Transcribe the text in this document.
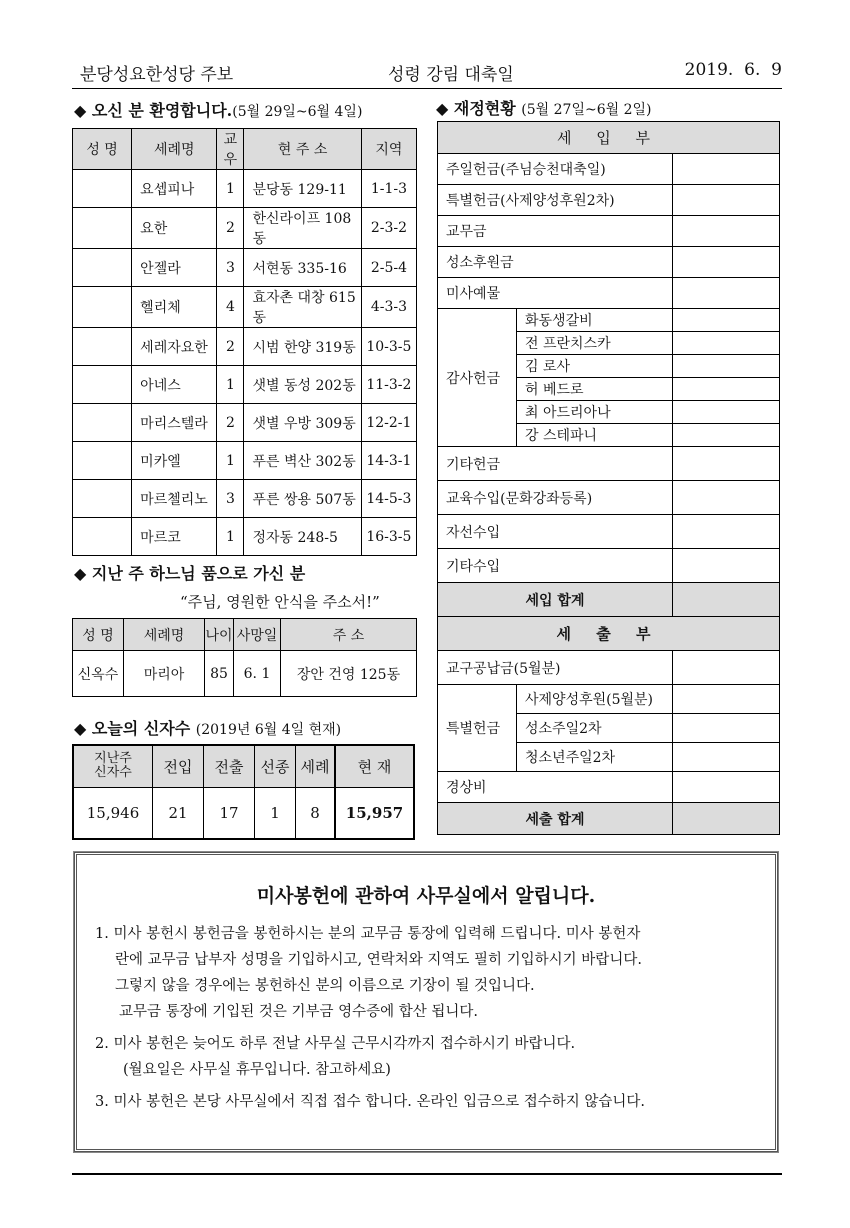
분당성요한성당 주보	성령 강림 대축일	2019.  6.  9
◆ 오신 분 환영합니다.(5월 29일~6월 4일)
성 명	세례명	교우	현 주 소	지역
	요셉피나	1	분당동 129-11	1-1-3
	요한	2	한신라이프 108동	2-3-2
	안젤라	3	서현동 335-16	2-5-4
	헬리체	4	효자촌 대창 615동	4-3-3
	세레자요한	2	시범 한양 319동	10-3-5
	아네스	1	샛별 동성 202동	11-3-2
	마리스텔라	2	샛별 우방 309동	12-2-1
	미카엘	1	푸른 벽산 302동	14-3-1
	마르첼리노	3	푸른 쌍용 507동	14-5-3
	마르코	1	정자동 248-5	16-3-5
◆ 지난 주 하느님 품으로 가신 분
“주님, 영원한 안식을 주소서!”
성 명	세례명	나이	사망일	주 소
신옥수	마리아	85	6. 1	장안 건영 125동
◆ 오늘의 신자수 (2019년 6월 4일 현재)
지난주
신자수	전입	전출	선종	세례	현 재
15,946	21	17	1	8	15,957
◆ 재정현황 (5월 27일~6월 2일)
세 입 부		
주일헌금(주님승천대축일)		
특별헌금(사제양성후원2차)		
교무금		
성소후원금		
미사예물		
감사헌금	화동생갈비	
	전 프란치스카	
	김 로사	
	허 베드로	
	최 아드리아나	
	강 스테파니	
기타헌금		
교육수입(문화강좌등록)		
자선수입		
기타수입		
세입 합계		
세 출 부		
교구공납금(5월분)		
특별헌금	사제양성후원(5월분)	
	성소주일2차	
	청소년주일2차	
경상비		
세출 합계		
미사봉헌에 관하여 사무실에서 알립니다.
1. 미사 봉헌시 봉헌금을 봉헌하시는 분의 교무금 통장에 입력해 드립니다. 미사 봉헌자
란에 교무금 납부자 성명을 기입하시고, 연락처와 지역도 필히 기입하시기 바랍니다.
그렇지 않을 경우에는 봉헌하신 분의 이름으로 기장이 될 것입니다.
교무금 통장에 기입된 것은 기부금 영수증에 합산 됩니다.
2. 미사 봉헌은 늦어도 하루 전날 사무실 근무시각까지 접수하시기 바랍니다.
(월요일은 사무실 휴무입니다. 참고하세요)
3. 미사 봉헌은 본당 사무실에서 직접 접수 합니다. 온라인 입금으로 접수하지 않습니다.
